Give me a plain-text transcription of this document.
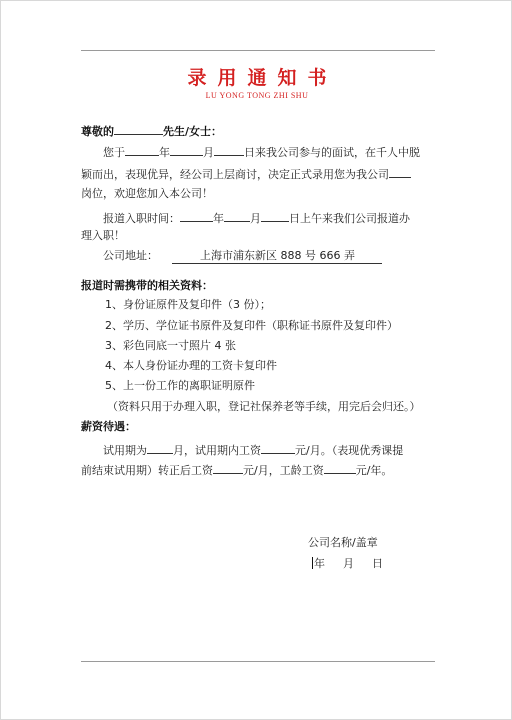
录用通知书
LU YONG TONG ZHI SHU
尊敬的	先生/女士：
您于	年	月	日来我公司参与的面试，在千人中脱
颖而出，表现优异，经公司上层商讨，决定正式录用您为我公司
岗位，欢迎您加入本公司！
报道入职时间：	年 月	日上午来我们公司报道办
理入职！
公司地址：	上海市浦东新区 888 号 666 弄
报道时需携带的相关资料：
1、身份证原件及复印件（3 份）；
2、学历、学位证书原件及复印件（职称证书原件及复印件）
3、彩色同底一寸照片 4 张
4、本人身份证办理的工资卡复印件
5、上一份工作的离职证明原件
（资料只用于办理入职，登记社保养老等手续，用完后会归还。）
薪资待遇：
试用期为 月，试用期内工资	元/月。（表现优秀课提
前结束试用期）转正后工资	元/月，工龄工资	元/年。
公司名称/盖章
年 月 日
